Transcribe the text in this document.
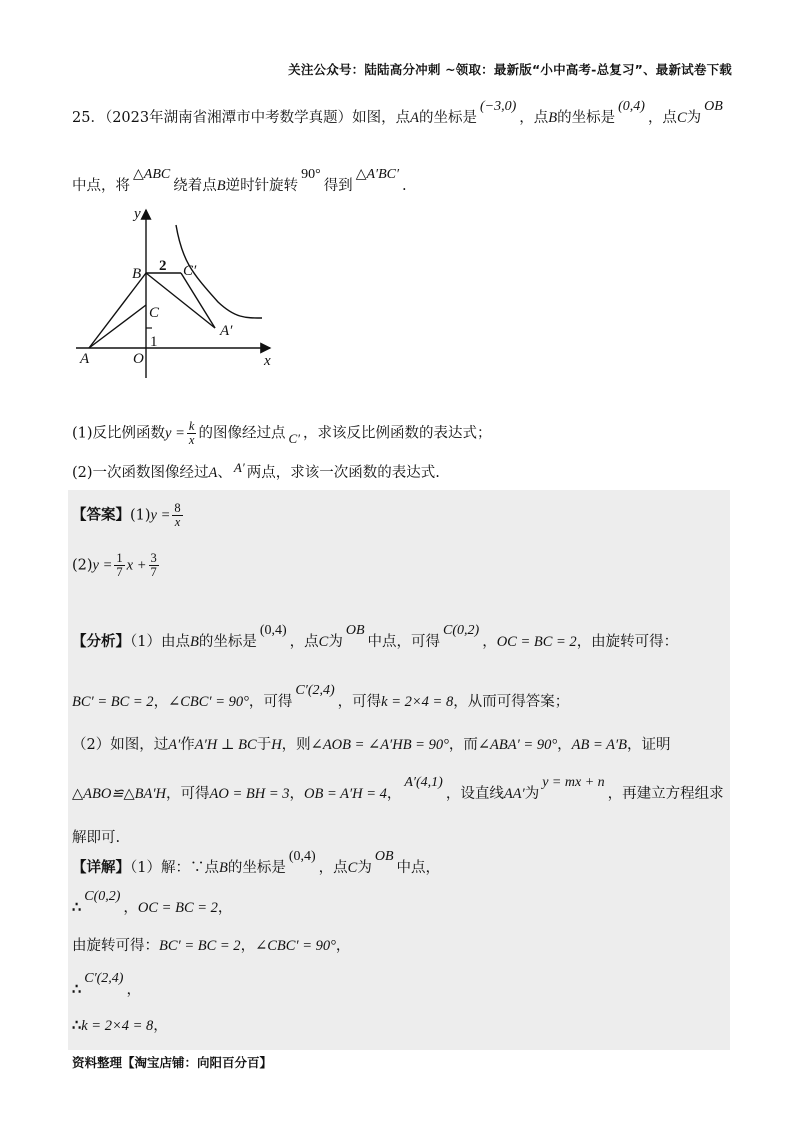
关注公众号：陆陆高分冲刺 ~领取：最新版“小中高考-总复习”、最新试卷下载
25．（2023年湖南省湘潭市中考数学真题）如图，点A的坐标是(−3,0)，点B的坐标是(0,4)，点C为OB
中点，将△ABC绕着点B逆时针旋转90°得到△A′BC′.
y
x
B
C
A	O
C′
A′
2
1
(1)反比例函数$y = \frac{k}{x}$ 的图像经过点 C′ ，求该反比例函数的表达式；
(2)一次函数图像经过A、 A′ 两点，求该一次函数的表达式.
【答案】$(1)y = \frac{8}{x}$
$(2)y = \frac{1}{7}$ $x + \frac{3}{7}$
【分析】（1）由点B的坐标是(0,4)，点C为OB中点，可得C(0,2)，OC = BC = 2，由旋转可得：
BC′ = BC = 2，∠CBC′ = 90°，可得C′(2,4)，可得k = 2×4 = 8，从而可得答案；
（2）如图，过A′作A′H ⊥ BC于H，则∠AOB = ∠A′HB = 90°，而∠ABA′ = 90°，AB = A′B，证明
△ABO≌△BA′H，可得AO = BH = 3，OB = A′H = 4，A′(4,1)，设直线AA′为y = mx + n，再建立方程组求
解即可.
【详解】（1）解：∵点B的坐标是(0,4)，点C为OB中点，
∴C(0,2)，OC = BC = 2，
由旋转可得：BC′ = BC = 2，∠CBC′ = 90°，
∴C′(2,4)，
∴k = 2×4 = 8，
资料整理【淘宝店铺：向阳百分百】
